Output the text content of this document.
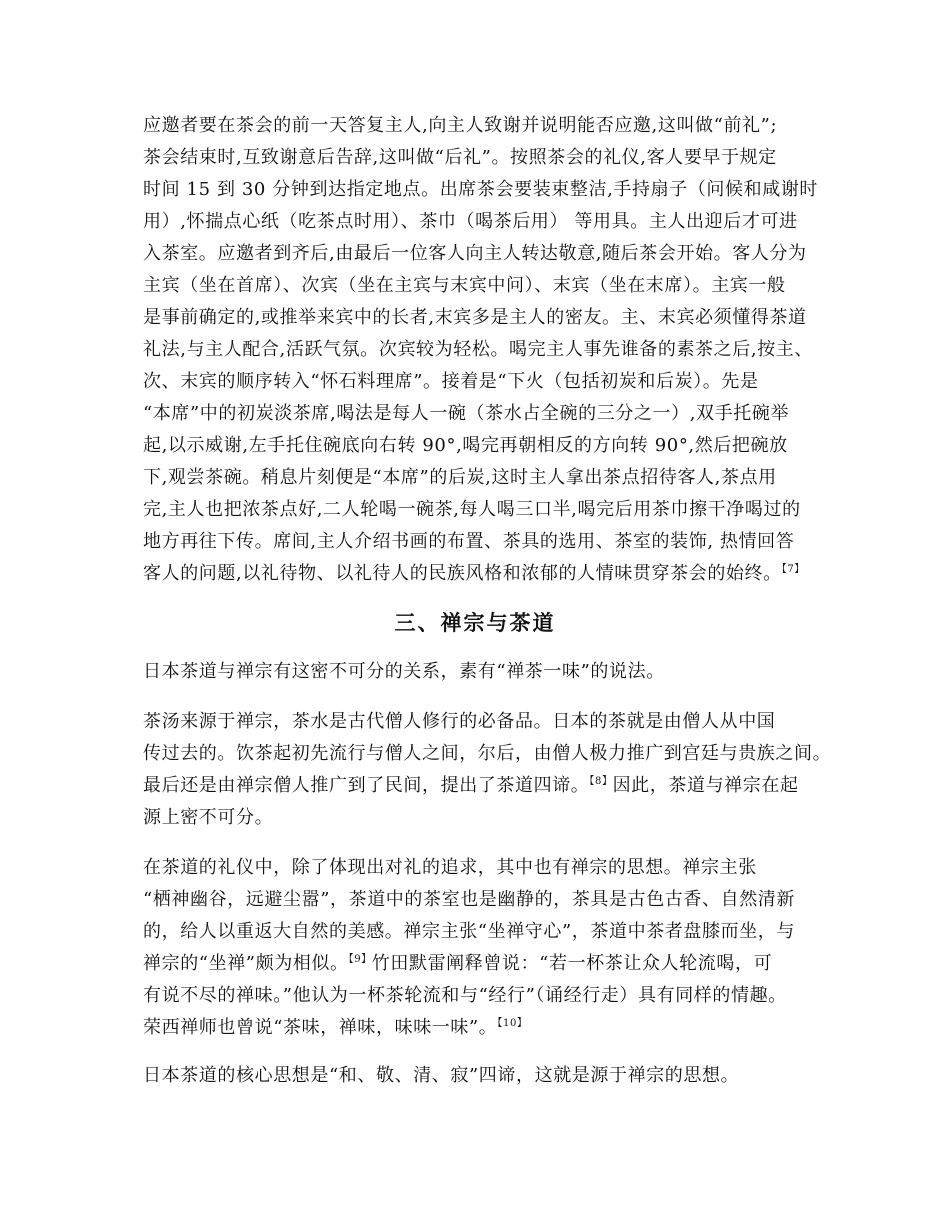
应邀者要在茶会的前一天答复主人,向主人致谢并说明能否应邀,这叫做“前礼”;
茶会结束时,互致谢意后告辞,这叫做“后礼”。按照茶会的礼仪,客人要早于规定
时间 15 到 30 分钟到达指定地点。出席茶会要装束整洁,手持扇子（问候和咸谢时
用）,怀揣点心纸（吃茶点时用）、茶巾（喝茶后用） 等用具。主人出迎后才可进
入茶室。应邀者到齐后,由最后一位客人向主人转达敬意,随后茶会开始。客人分为
主宾（坐在首席）、次宾（坐在主宾与末宾中问）、末宾（坐在末席）。主宾一般
是事前确定的,或推举来宾中的长者,末宾多是主人的密友。主、末宾必须懂得茶道
礼法,与主人配合,活跃气氛。次宾较为轻松。喝完主人事先谁备的素茶之后,按主、
次、末宾的顺序转入“怀石料理席”。接着是“下火（包括初炭和后炭）。先是
“本席”中的初炭淡茶席,喝法是每人一碗（茶水占全碗的三分之一）,双手托碗举
起,以示威谢,左手托住碗底向右转 90°,喝完再朝相反的方向转 90°,然后把碗放
下,观尝茶碗。稍息片刻便是“本席”的后炭,这时主人拿出茶点招待客人,茶点用
完,主人也把浓茶点好,二人轮喝一碗茶,每人喝三口半,喝完后用茶巾擦干净喝过的
地方再往下传。席间,主人介绍书画的布置、茶具的选用、茶室的装饰, 热情回答
客人的问题,以礼待物、以礼待人的民族风格和浓郁的人情味贯穿茶会的始终。$^{【7】}$
三、禅宗与茶道
日本茶道与禅宗有这密不可分的关系，素有“禅茶一味”的说法。
茶汤来源于禅宗，茶水是古代僧人修行的必备品。日本的茶就是由僧人从中国
传过去的。饮茶起初先流行与僧人之间，尔后，由僧人极力推广到宫廷与贵族之间。
最后还是由禅宗僧人推广到了民间，提出了茶道四谛。$^{【8】}$因此，茶道与禅宗在起
源上密不可分。
在茶道的礼仪中，除了体现出对礼的追求，其中也有禅宗的思想。禅宗主张
“栖神幽谷，远避尘嚣”，茶道中的茶室也是幽静的，茶具是古色古香、自然清新
的，给人以重返大自然的美感。禅宗主张“坐禅守心”，茶道中茶者盘膝而坐，与
禅宗的“坐禅”颇为相似。$^{【9】}$竹田默雷阐释曾说：“若一杯茶让众人轮流喝，可
有说不尽的禅味。”他认为一杯茶轮流和与“经行”（诵经行走）具有同样的情趣。
荣西禅师也曾说“茶味，禅味，味味一味”。$^{【10】}$
日本茶道的核心思想是“和、敬、清、寂”四谛，这就是源于禅宗的思想。
